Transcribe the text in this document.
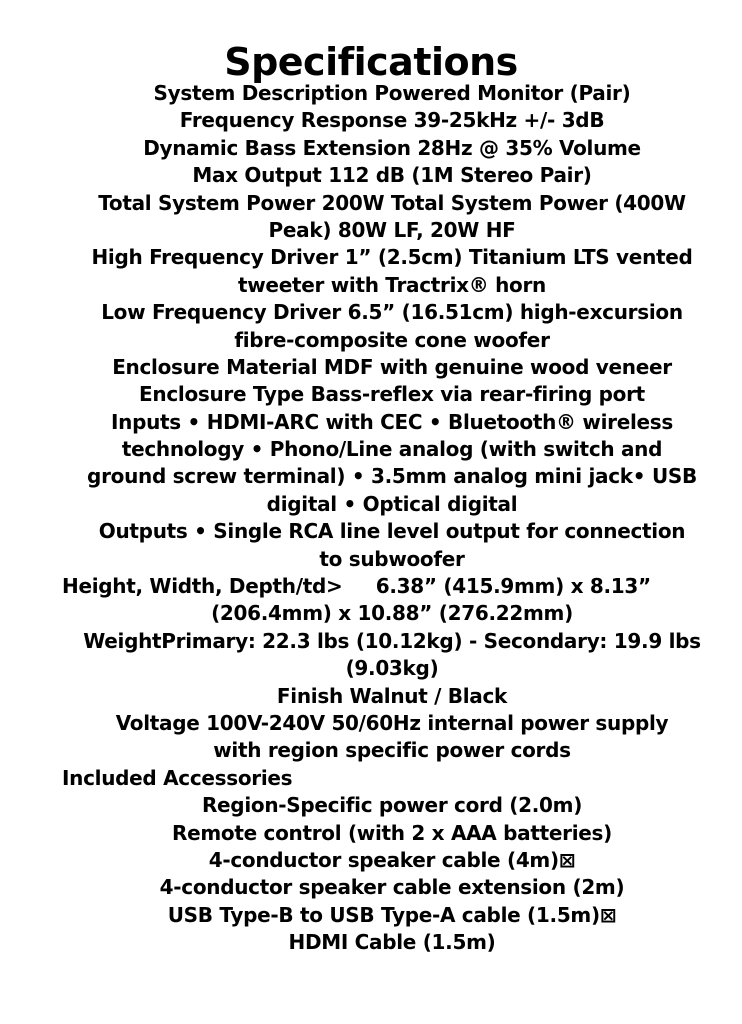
Specifications
System Description Powered Monitor (Pair)
Frequency Response 39-25kHz +/- 3dB
Dynamic Bass Extension 28Hz @ 35% Volume
Max Output 112 dB (1M Stereo Pair)
Total System Power 200W Total System Power (400W
Peak) 80W LF, 20W HF
High Frequency Driver 1” (2.5cm) Titanium LTS vented
tweeter with Tractrix® horn
Low Frequency Driver 6.5” (16.51cm) high-excursion
fibre-composite cone woofer
Enclosure Material MDF with genuine wood veneer
Enclosure Type Bass-reflex via rear-firing port
Inputs • HDMI-ARC with CEC • Bluetooth® wireless
technology • Phono/Line analog (with switch and
ground screw terminal) • 3.5mm analog mini jack• USB
digital • Optical digital
Outputs • Single RCA line level output for connection
to subwoofer
Height, Width, Depth/td>     6.38” (415.9mm) x 8.13”
(206.4mm) x 10.88” (276.22mm)
WeightPrimary: 22.3 lbs (10.12kg) - Secondary: 19.9 lbs
(9.03kg)
Finish Walnut / Black
Voltage 100V-240V 50/60Hz internal power supply
with region specific power cords
Included Accessories
Region-Specific power cord (2.0m)
Remote control (with 2 x AAA batteries)
4-conductor speaker cable (4m)⊠
4-conductor speaker cable extension (2m)
USB Type-B to USB Type-A cable (1.5m)⊠
HDMI Cable (1.5m)
